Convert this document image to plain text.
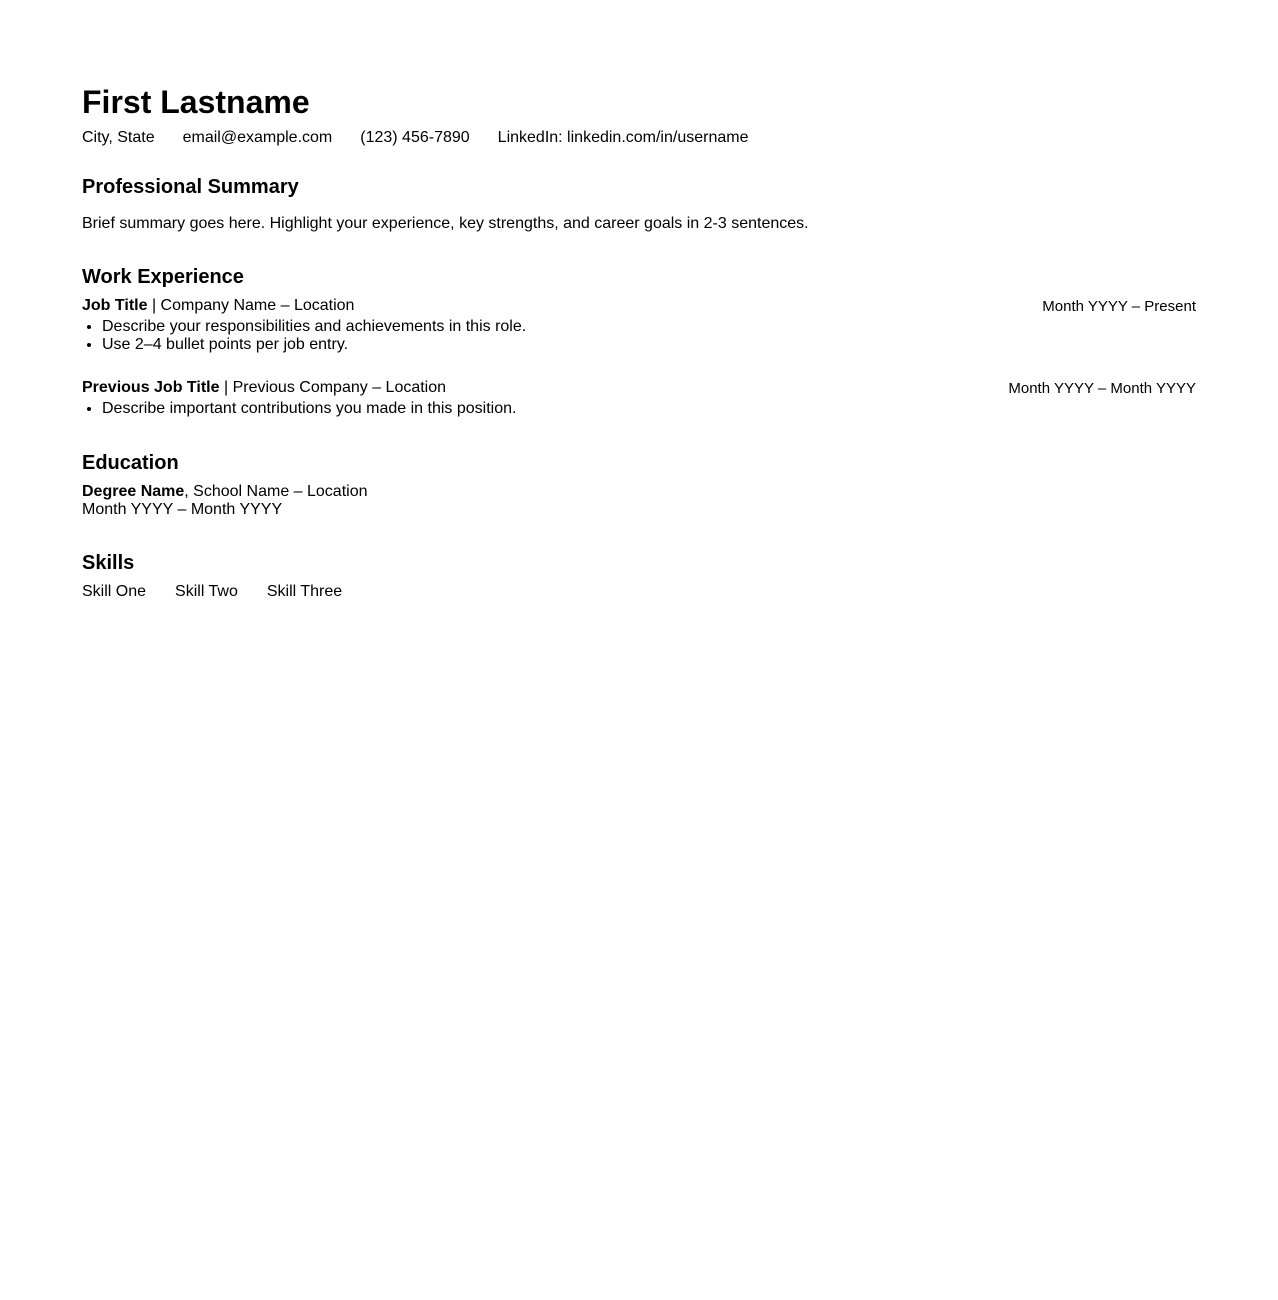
First Lastname
City, State email@example.com (123) 456-7890 LinkedIn: linkedin.com/in/username
Professional Summary
Brief summary goes here. Highlight your experience, key strengths, and career goals in 2-3 sentences.
Work Experience
Job Title | Company Name – Location	Month YYYY – Present
• Describe your responsibilities and achievements in this role.
• Use 2–4 bullet points per job entry.
Previous Job Title | Previous Company – Location	Month YYYY – Month YYYY
• Describe important contributions you made in this position.
Education
Degree Name, School Name – Location
Month YYYY – Month YYYY
Skills
Skill One Skill Two Skill Three
